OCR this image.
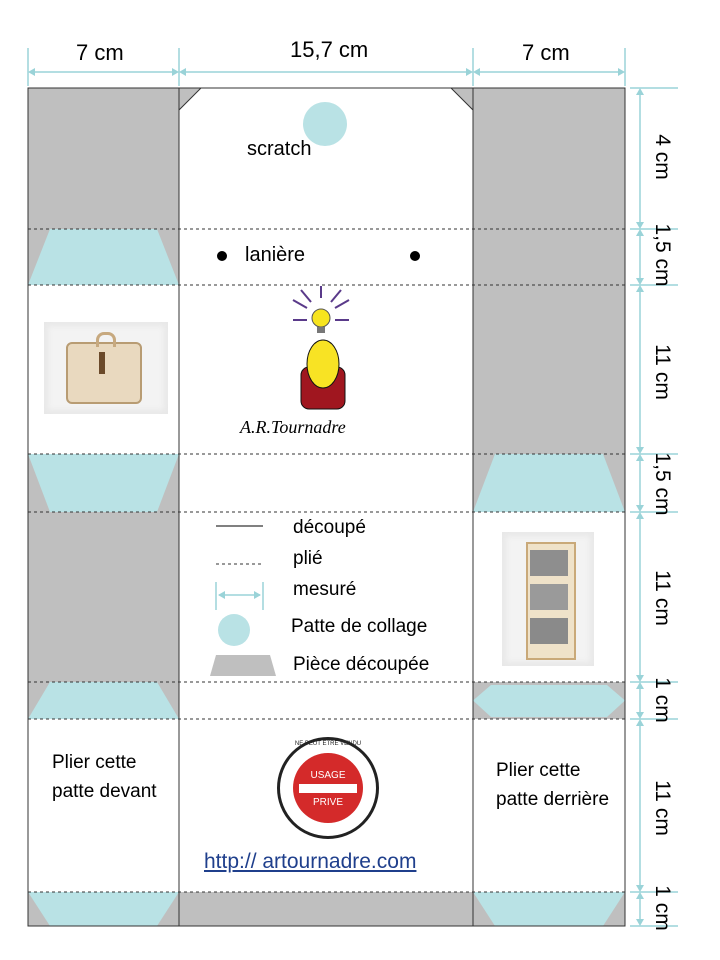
7 cm	15,7 cm	7 cm
4 cm
1,5 cm
11 cm
1,5 cm
11 cm
1 cm
11 cm
1 cm
scratch
lanière
A.R.Tournadre
découpé
plié
mesuré
Patte de collage
Pièce découpée
Plier cette patte devant
Plier cette patte derrière
USAGE
PRIVE
NE PEUT ÊTRE VENDU
http:// artournadre.com
